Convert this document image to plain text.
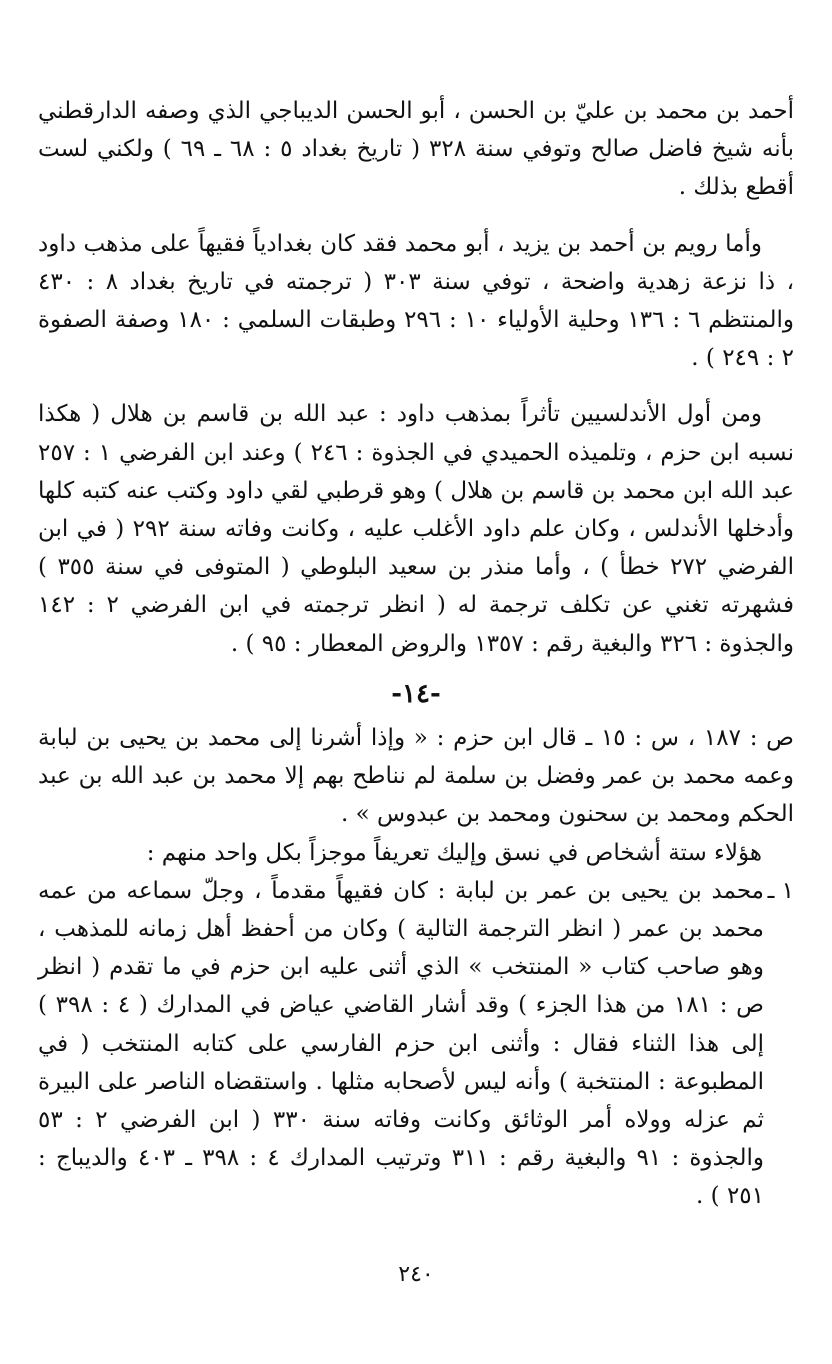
أحمد بن محمد بن عليّ بن الحسن ، أبو الحسن الديباجي الذي وصفه الدارقطني بأنه شيخ فاضل صالح وتوفي سنة ٣٢٨ ( تاريخ بغداد ٥ : ٦٨ ـ ٦٩ ) ولكني لست أقطع بذلك .

وأما رويم بن أحمد بن يزيد ، أبو محمد فقد كان بغدادياً فقيهاً على مذهب داود ، ذا نزعة زهدية واضحة ، توفي سنة ٣٠٣ ( ترجمته في تاريخ بغداد ٨ : ٤٣٠ والمنتظم ٦ : ١٣٦ وحلية الأولياء ١٠ : ٢٩٦ وطبقات السلمي : ١٨٠ وصفة الصفوة ٢ : ٢٤٩ ) .

ومن أول الأندلسيين تأثراً بمذهب داود : عبد الله بن قاسم بن هلال ( هكذا نسبه ابن حزم ، وتلميذه الحميدي في الجذوة : ٢٤٦ ) وعند ابن الفرضي ١ : ٢٥٧ عبد الله ابن محمد بن قاسم بن هلال ) وهو قرطبي لقي داود وكتب عنه كتبه كلها وأدخلها الأندلس ، وكان علم داود الأغلب عليه ، وكانت وفاته سنة ٢٩٢ ( في ابن الفرضي ٢٧٢ خطأ ) ، وأما منذر بن سعيد البلوطي ( المتوفى في سنة ٣٥٥ ) فشهرته تغني عن تكلف ترجمة له ( انظر ترجمته في ابن الفرضي ٢ : ١٤٢ والجذوة : ٣٢٦ والبغية رقم : ١٣٥٧ والروض المعطار : ٩٥ ) .

-١٤-

ص : ١٨٧ ، س : ١٥ ـ قال ابن حزم : « وإذا أشرنا إلى محمد بن يحيى بن لبابة وعمه محمد بن عمر وفضل بن سلمة لم نناطح بهم إلا محمد بن عبد الله بن عبد الحكم ومحمد بن سحنون ومحمد بن عبدوس » .

هؤلاء ستة أشخاص في نسق وإليك تعريفاً موجزاً بكل واحد منهم :

١ ـ
محمد بن يحيى بن عمر بن لبابة : كان فقيهاً مقدماً ، وجلّ سماعه من عمه محمد بن عمر ( انظر الترجمة التالية ) وكان من أحفظ أهل زمانه للمذهب ، وهو صاحب كتاب « المنتخب » الذي أثنى عليه ابن حزم في ما تقدم ( انظر ص : ١٨١ من هذا الجزء ) وقد أشار القاضي عياض في المدارك ( ٤ : ٣٩٨ ) إلى هذا الثناء فقال : وأثنى ابن حزم الفارسي على كتابه المنتخب ( في المطبوعة : المنتخبة ) وأنه ليس لأصحابه مثلها . واستقضاه الناصر على البيرة ثم عزله وولاه أمر الوثائق وكانت وفاته سنة ٣٣٠ ( ابن الفرضي ٢ : ٥٣ والجذوة : ٩١ والبغية رقم : ٣١١ وترتيب المدارك ٤ : ٣٩٨ ـ ٤٠٣ والديباج : ٢٥١ ) .
٢٤٠
